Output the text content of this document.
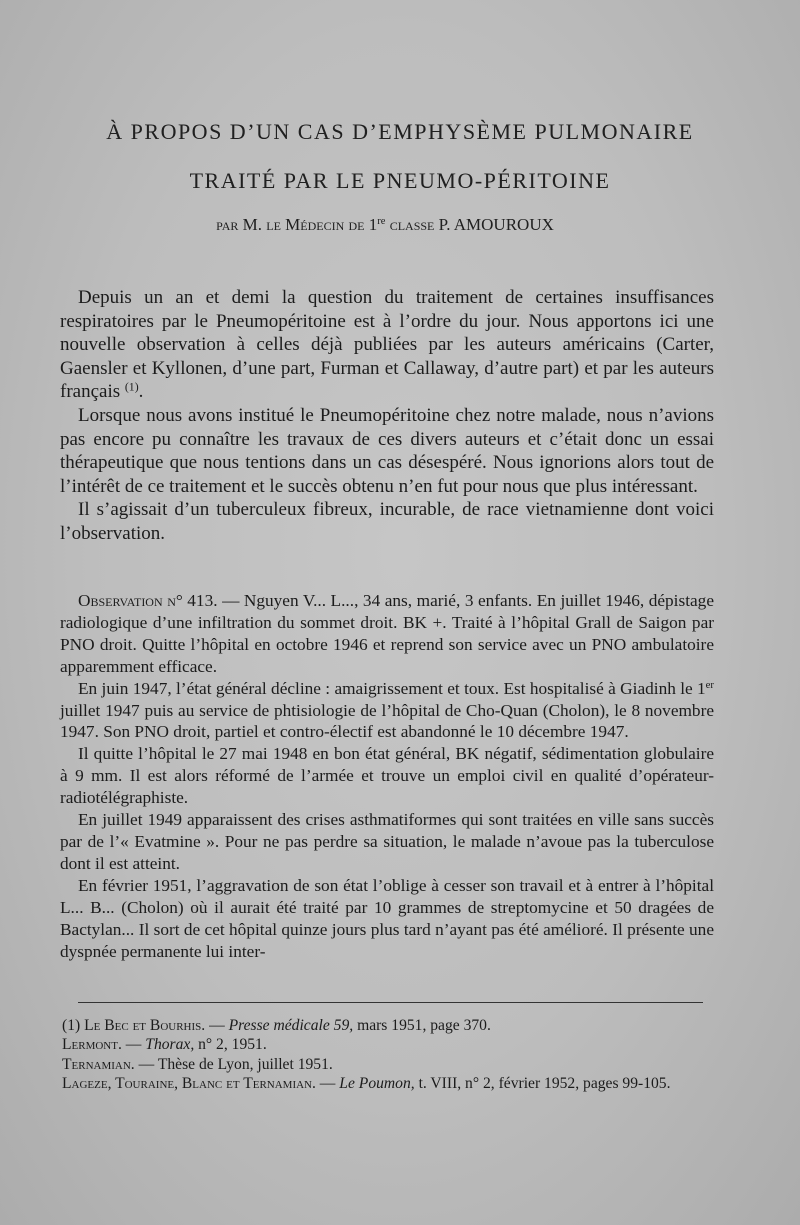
À PROPOS D’UN CAS D’EMPHYSÈME PULMONAIRE
TRAITÉ PAR LE PNEUMO-PÉRITOINE
par M. le Médecin de 1re classe P. AMOUROUX

Depuis un an et demi la question du traitement de certaines insuffisances respiratoires par le Pneumopéritoine est à l’ordre du jour. Nous apportons ici une nouvelle observation à celles déjà publiées par les auteurs américains (Carter, Gaensler et Kyllonen, d’une part, Furman et Callaway, d’autre part) et par les auteurs français $^{(1)}$.

Lorsque nous avons institué le Pneumopéritoine chez notre malade, nous n’avions pas encore pu connaître les travaux de ces divers auteurs et c’était donc un essai thérapeutique que nous tentions dans un cas désespéré. Nous ignorions alors tout de l’intérêt de ce traitement et le succès obtenu n’en fut pour nous que plus intéressant.

Il s’agissait d’un tuberculeux fibreux, incurable, de race vietnamienne dont voici l’observation.

Observation n° 413. — Nguyen V... L..., 34 ans, marié, 3 enfants. En juillet 1946, dépistage radiologique d’une infiltration du sommet droit. BK +. Traité à l’hôpital Grall de Saigon par PNO droit. Quitte l’hôpital en octobre 1946 et reprend son service avec un PNO ambulatoire apparemment efficace.

En juin 1947, l’état général décline : amaigrissement et toux. Est hospitalisé à Giadinh le 1er juillet 1947 puis au service de phtisiologie de l’hôpital de Cho-Quan (Cholon), le 8 novembre 1947. Son PNO droit, partiel et contro-électif est abandonné le 10 décembre 1947.

Il quitte l’hôpital le 27 mai 1948 en bon état général, BK négatif, sédimentation globulaire à 9 mm. Il est alors réformé de l’armée et trouve un emploi civil en qualité d’opérateur-radiotélégraphiste.

En juillet 1949 apparaissent des crises asthmatiformes qui sont traitées en ville sans succès par de l’« Evatmine ». Pour ne pas perdre sa situation, le malade n’avoue pas la tuberculose dont il est atteint.

En février 1951, l’aggravation de son état l’oblige à cesser son travail et à entrer à l’hôpital L... B... (Cholon) où il aurait été traité par 10 grammes de streptomycine et 50 dragées de Bactylan... Il sort de cet hôpital quinze jours plus tard n’ayant pas été amélioré. Il présente une dyspnée permanente lui inter-

(1) Le Bec et Bourhis. — Presse médicale 59, mars 1951, page 370.
Lermont. — Thorax, n° 2, 1951.
Ternamian. — Thèse de Lyon, juillet 1951.
Lageze, Touraine, Blanc et Ternamian. — Le Poumon, t. VIII, n° 2, février 1952, pages 99-105.
